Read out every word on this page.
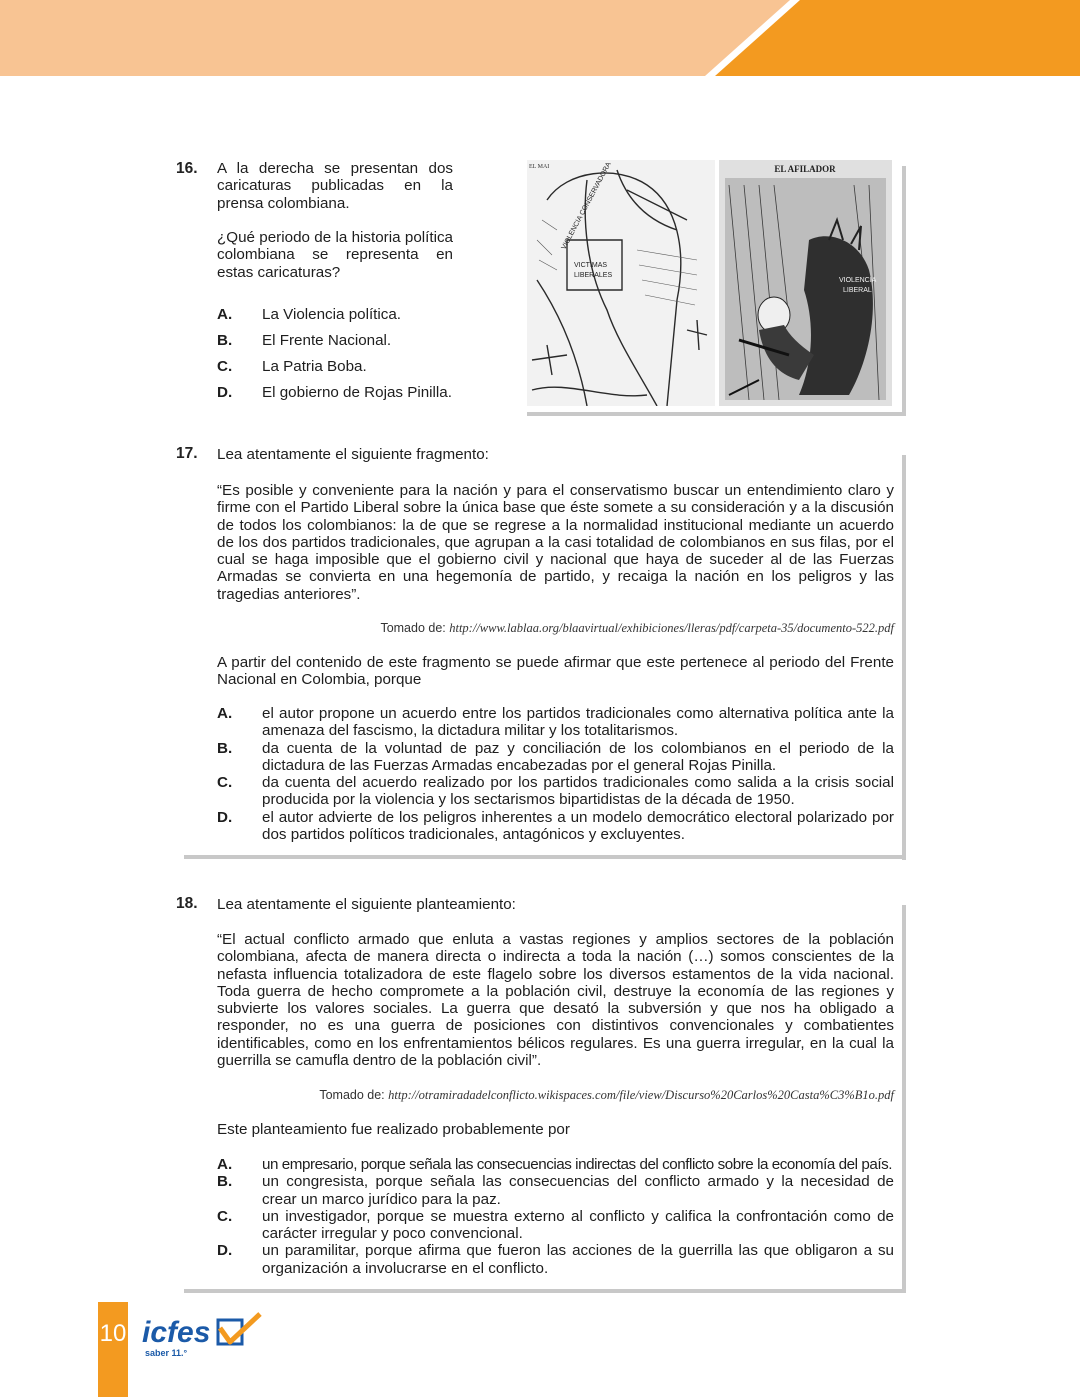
16. A la derecha se presentan dos caricaturas publicadas en la prensa colombiana.
¿Qué periodo de la historia política colombiana se representa en estas caricaturas?
A. La Violencia política.
B. El Frente Nacional.
C. La Patria Boba.
D. El gobierno de Rojas Pinilla.
EL MAI VIOLENCIA CONSERVADORA
VICTIMAS
LIBERALES
EL AFILADOR
VIOLENCIA
LIBERAL
17. Lea atentamente el siguiente fragmento:
“Es posible y conveniente para la nación y para el conservatismo buscar un entendimiento claro y firme con el Partido Liberal sobre la única base que éste somete a su consideración y a la discusión de todos los colombianos: la de que se regrese a la normalidad institucional mediante un acuerdo de los dos partidos tradicionales, que agrupan a la casi totalidad de colombianos en sus filas, por el cual se haga imposible que el gobierno civil y nacional que haya de suceder al de las Fuerzas Armadas se convierta en una hegemonía de partido, y recaiga la nación en los peligros y las tragedias anteriores”.
Tomado de: http://www.lablaa.org/blaavirtual/exhibiciones/lleras/pdf/carpeta-35/documento-522.pdf
A partir del contenido de este fragmento se puede afirmar que este pertenece al periodo del Frente Nacional en Colombia, porque
A. el autor propone un acuerdo entre los partidos tradicionales como alternativa política ante la amenaza del fascismo, la dictadura militar y los totalitarismos.
B. da cuenta de la voluntad de paz y conciliación de los colombianos en el periodo de la dictadura de las Fuerzas Armadas encabezadas por el general Rojas Pinilla.
C. da cuenta del acuerdo realizado por los partidos tradicionales como salida a la crisis social producida por la violencia y los sectarismos bipartidistas de la década de 1950.
D. el autor advierte de los peligros inherentes a un modelo democrático electoral polarizado por dos partidos políticos tradicionales, antagónicos y excluyentes.
18. Lea atentamente el siguiente planteamiento:
“El actual conflicto armado que enluta a vastas regiones y amplios sectores de la población colombiana, afecta de manera directa o indirecta a toda la nación (…) somos conscientes de la nefasta influencia totalizadora de este flagelo sobre los diversos estamentos de la vida nacional. Toda guerra de hecho compromete a la población civil, destruye la economía de las regiones y subvierte los valores sociales. La guerra que desató la subversión y que nos ha obligado a responder, no es una guerra de posiciones con distintivos convencionales y combatientes identificables, como en los enfrentamientos bélicos regulares. Es una guerra irregular, en la cual la guerrilla se camufla dentro de la población civil”.
Tomado de: http://otramiradadelconflicto.wikispaces.com/file/view/Discurso%20Carlos%20Casta%C3%B1o.pdf
Este planteamiento fue realizado probablemente por
A. un empresario, porque señala las consecuencias indirectas del conflicto sobre la economía del país.
B. un congresista, porque señala las consecuencias del conflicto armado y la necesidad de crear un marco jurídico para la paz.
C. un investigador, porque se muestra externo al conflicto y califica la confrontación como de carácter irregular y poco convencional.
D. un paramilitar, porque afirma que fueron las acciones de la guerrilla las que obligaron a su organización a involucrarse en el conflicto.
10 icfes
saber 11.°
